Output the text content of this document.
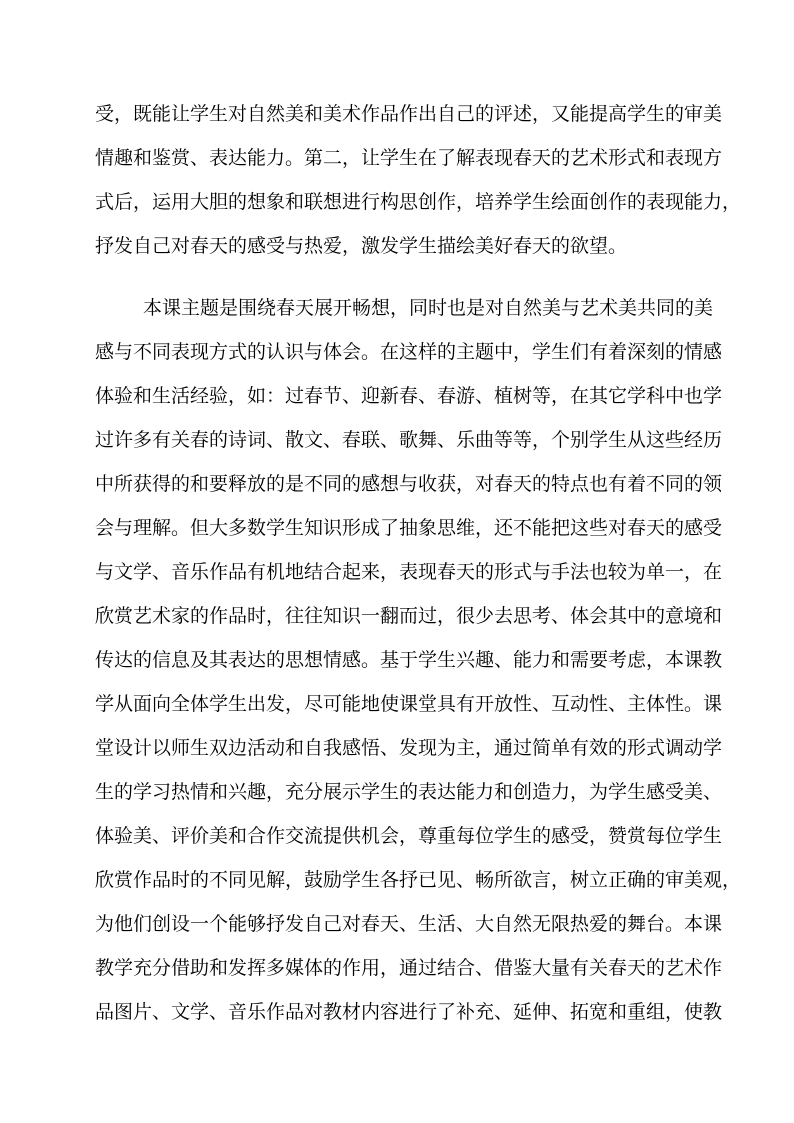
受，既能让学生对自然美和美术作品作出自己的评述，又能提高学生的审美
情趣和鉴赏、表达能力。第二，让学生在了解表现春天的艺术形式和表现方
式后，运用大胆的想象和联想进行构思创作，培养学生绘面创作的表现能力，
抒发自己对春天的感受与热爱，激发学生描绘美好春天的欲望。
本课主题是围绕春天展开畅想，同时也是对自然美与艺术美共同的美
感与不同表现方式的认识与体会。在这样的主题中，学生们有着深刻的情感
体验和生活经验，如：过春节、迎新春、春游、植树等，在其它学科中也学
过许多有关春的诗词、散文、春联、歌舞、乐曲等等，个别学生从这些经历
中所获得的和要释放的是不同的感想与收获，对春天的特点也有着不同的领
会与理解。但大多数学生知识形成了抽象思维，还不能把这些对春天的感受
与文学、音乐作品有机地结合起来，表现春天的形式与手法也较为单一，在
欣赏艺术家的作品时，往往知识一翻而过，很少去思考、体会其中的意境和
传达的信息及其表达的思想情感。基于学生兴趣、能力和需要考虑，本课教
学从面向全体学生出发，尽可能地使课堂具有开放性、互动性、主体性。课
堂设计以师生双边活动和自我感悟、发现为主，通过简单有效的形式调动学
生的学习热情和兴趣，充分展示学生的表达能力和创造力，为学生感受美、
体验美、评价美和合作交流提供机会，尊重每位学生的感受，赞赏每位学生
欣赏作品时的不同见解，鼓励学生各抒已见、畅所欲言，树立正确的审美观，
为他们创设一个能够抒发自己对春天、生活、大自然无限热爱的舞台。本课
教学充分借助和发挥多媒体的作用，通过结合、借鉴大量有关春天的艺术作
品图片、文学、音乐作品对教材内容进行了补充、延伸、拓宽和重组，使教
